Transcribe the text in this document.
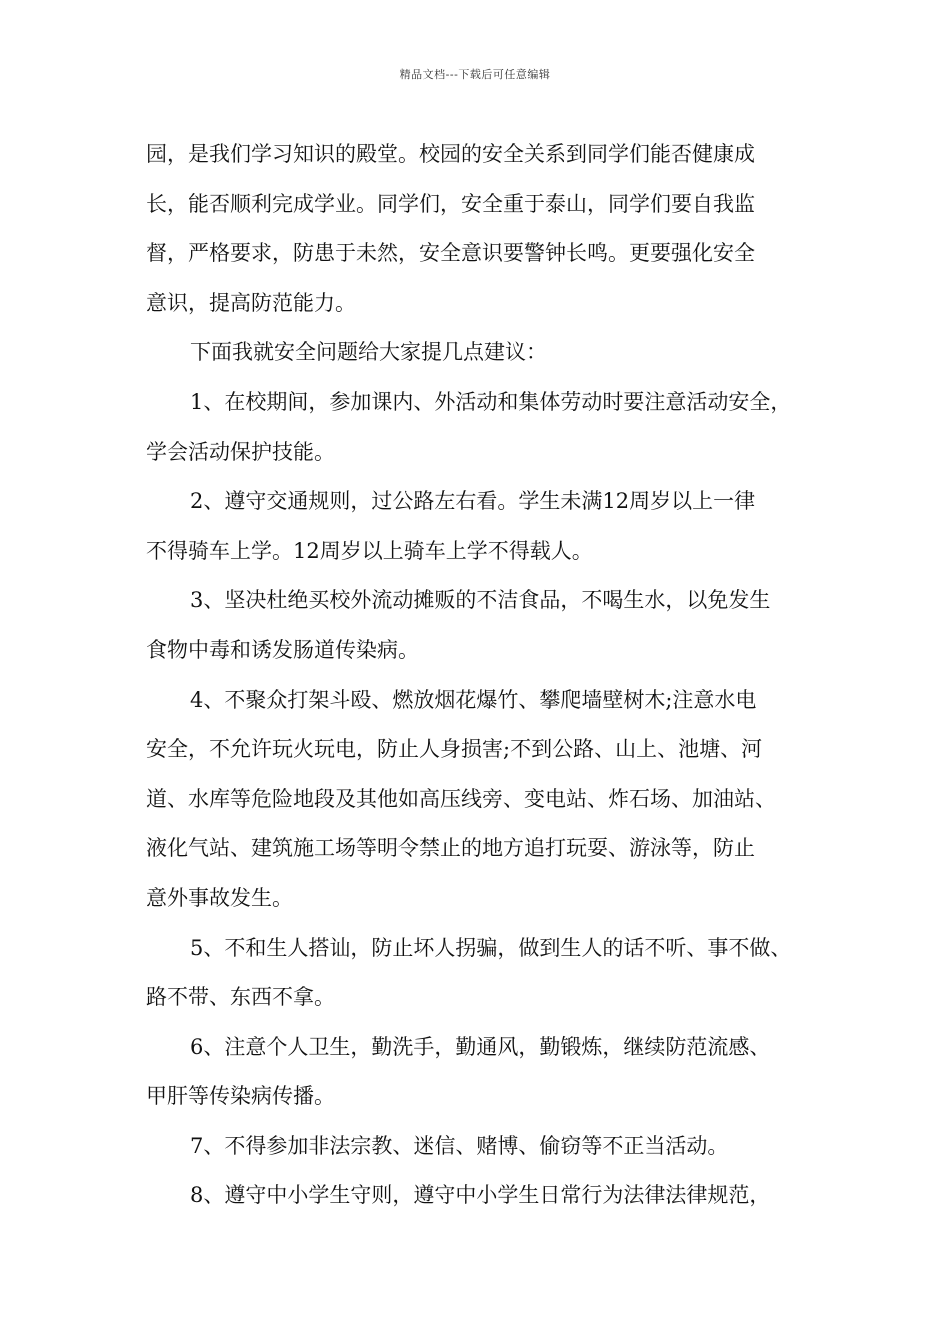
精品文档---下载后可任意编辑
园，是我们学习知识的殿堂。校园的安全关系到同学们能否健康成
长，能否顺利完成学业。同学们，安全重于泰山，同学们要自我监
督，严格要求，防患于未然，安全意识要警钟长鸣。更要强化安全
意识，提高防范能力。
下面我就安全问题给大家提几点建议：
1、在校期间，参加课内、外活动和集体劳动时要注意活动安全，
学会活动保护技能。
2、遵守交通规则，过公路左右看。学生未满12周岁以上一律
不得骑车上学。12周岁以上骑车上学不得载人。
3、坚决杜绝买校外流动摊贩的不洁食品，不喝生水，以免发生
食物中毒和诱发肠道传染病。
4、不聚众打架斗殴、燃放烟花爆竹、攀爬墙壁树木;注意水电
安全，不允许玩火玩电，防止人身损害;不到公路、山上、池塘、河
道、水库等危险地段及其他如高压线旁、变电站、炸石场、加油站、
液化气站、建筑施工场等明令禁止的地方追打玩耍、游泳等，防止
意外事故发生。
5、不和生人搭讪，防止坏人拐骗，做到生人的话不听、事不做、
路不带、东西不拿。
6、注意个人卫生，勤洗手，勤通风，勤锻炼，继续防范流感、
甲肝等传染病传播。
7、不得参加非法宗教、迷信、赌博、偷窃等不正当活动。
8、遵守中小学生守则，遵守中小学生日常行为法律法律规范，
